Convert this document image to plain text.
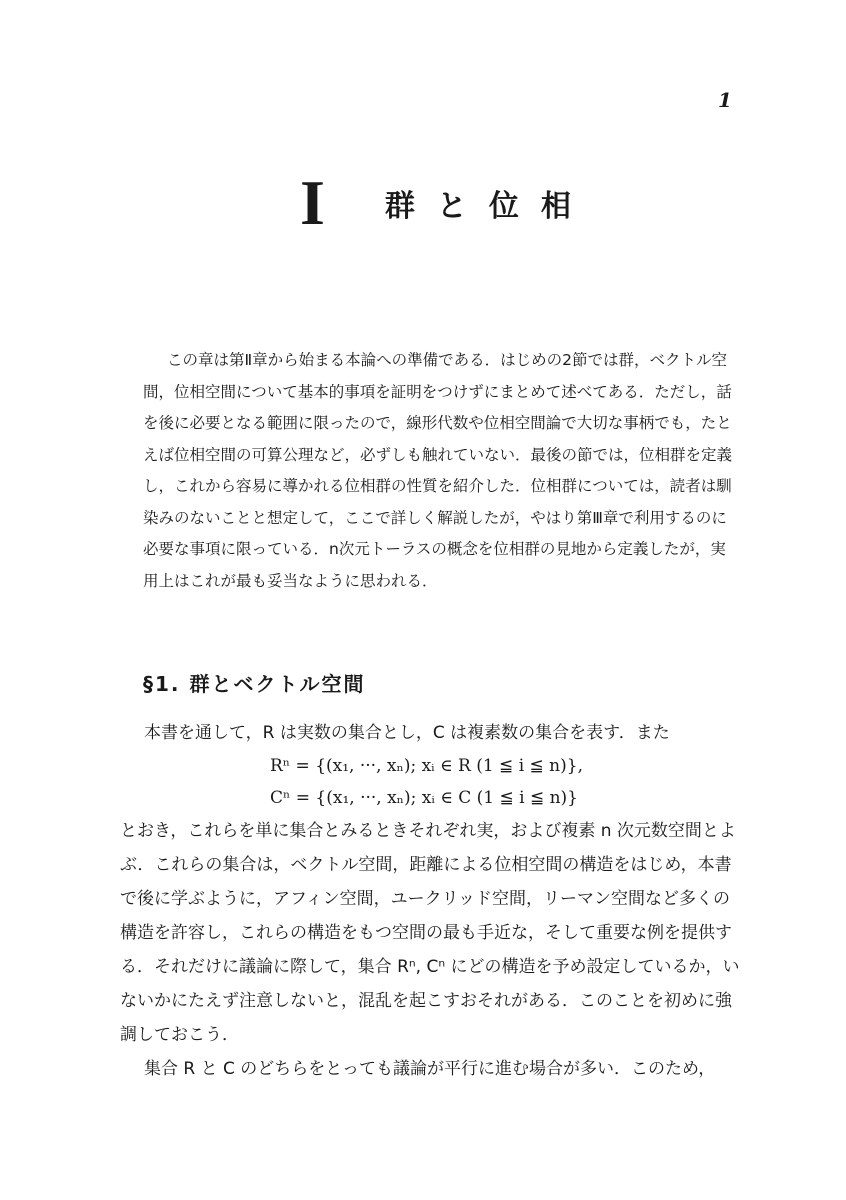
1
I 群と位相

この章は第Ⅱ章から始まる本論への準備である．はじめの2節では群，ベクトル空間，位相空間について基本的事項を証明をつけずにまとめて述べてある．ただし，話を後に必要となる範囲に限ったので，線形代数や位相空間論で大切な事柄でも，たとえば位相空間の可算公理など，必ずしも触れていない．最後の節では，位相群を定義し，これから容易に導かれる位相群の性質を紹介した．位相群については，読者は馴染みのないことと想定して，ここで詳しく解説したが，やはり第Ⅲ章で利用するのに必要な事項に限っている．n次元トーラスの概念を位相群の見地から定義したが，実用上はこれが最も妥当なように思われる．

§1. 群とベクトル空間

本書を通して，R は実数の集合とし，C は複素数の集合を表す．また

Rⁿ = {(x₁, ···, xₙ); xᵢ ∈ R (1 ≦ i ≦ n)},
Cⁿ = {(x₁, ···, xₙ); xᵢ ∈ C (1 ≦ i ≦ n)}

とおき，これらを単に集合とみるときそれぞれ実，および複素 n 次元数空間とよぶ．これらの集合は，ベクトル空間，距離による位相空間の構造をはじめ，本書で後に学ぶように，アフィン空間，ユークリッド空間，リーマン空間など多くの構造を許容し，これらの構造をもつ空間の最も手近な，そして重要な例を提供する．それだけに議論に際して，集合 Rⁿ, Cⁿ にどの構造を予め設定しているか，いないかにたえず注意しないと，混乱を起こすおそれがある．このことを初めに強調しておこう．

集合 R と C のどちらをとっても議論が平行に進む場合が多い．このため，
